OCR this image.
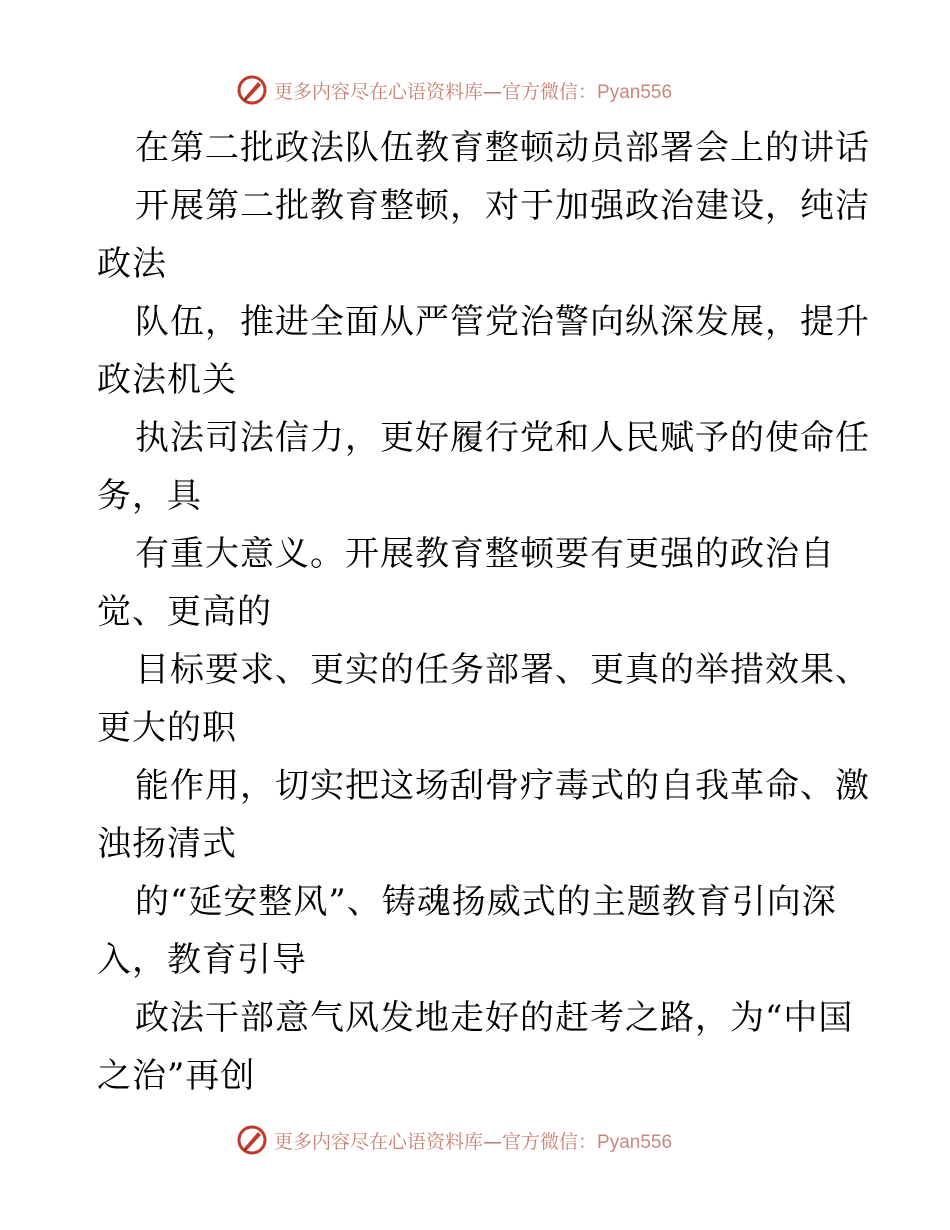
更多内容尽在心语资料库—官方微信：Pyan556
在第二批政法队伍教育整顿动员部署会上的讲话
开展第二批教育整顿，对于加强政治建设，纯洁
政法
队伍，推进全面从严管党治警向纵深发展，提升
政法机关
执法司法信力，更好履行党和人民赋予的使命任
务，具
有重大意义。开展教育整顿要有更强的政治自
觉、更高的
目标要求、更实的任务部署、更真的举措效果、
更大的职
能作用，切实把这场刮骨疗毒式的自我革命、激
浊扬清式
的“延安整风”、铸魂扬威式的主题教育引向深
入，教育引导
政法干部意气风发地走好的赶考之路，为“中国
之治”再创
更多内容尽在心语资料库—官方微信：Pyan556
